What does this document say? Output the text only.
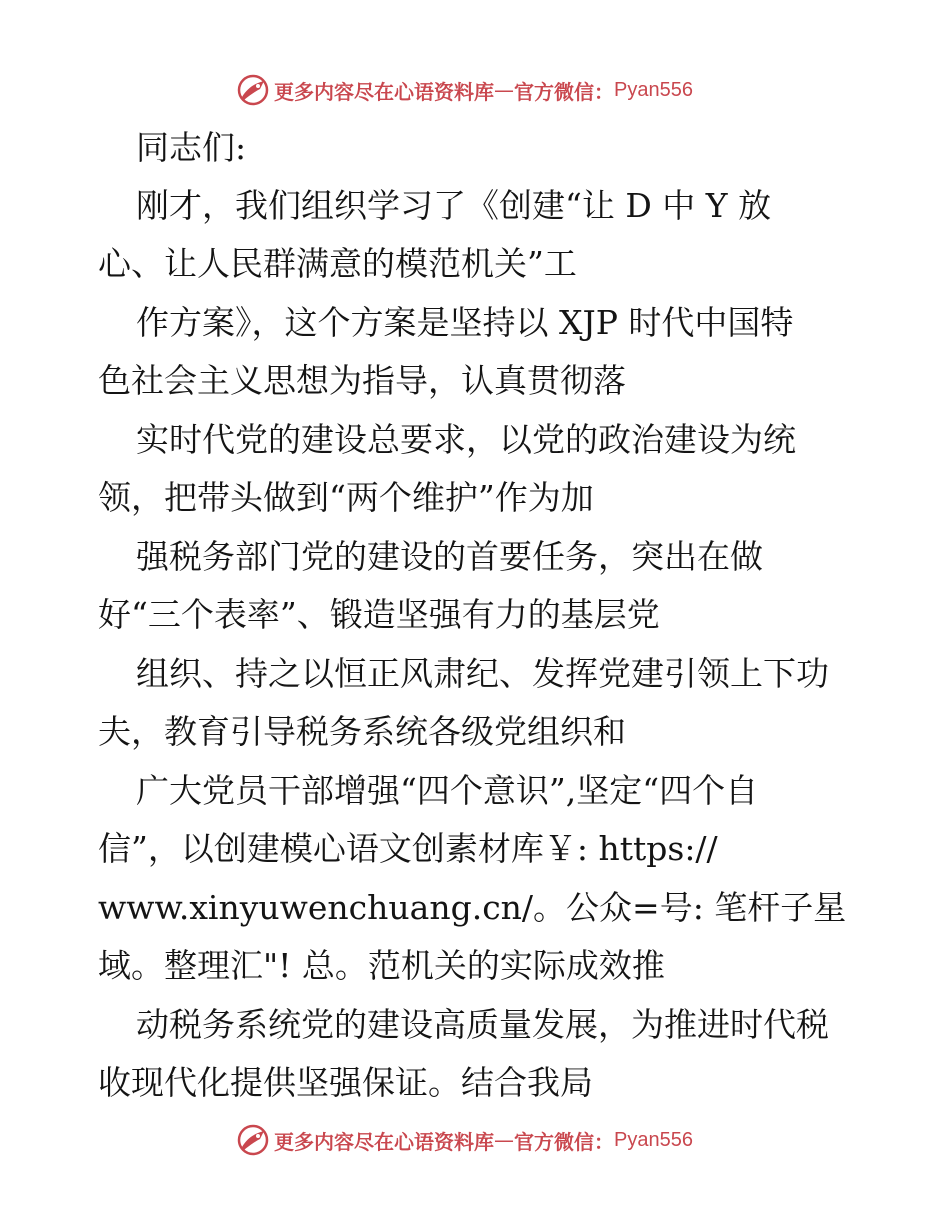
更多内容尽在心语资料库 — 官方微信： Pyan556
同志们:
刚才，我们组织学习了《创建“让 D 中 Y 放
心、让人民群满意的模范机关”工
作方案》，这个方案是坚持以 XJP 时代中国特
色社会主义思想为指导，认真贯彻落
实时代党的建设总要求，以党的政治建设为统
领，把带头做到“两个维护”作为加
强税务部门党的建设的首要任务，突出在做
好“三个表率”、锻造坚强有力的基层党
组织、持之以恒正风肃纪、发挥党建引领上下功
夫，教育引导税务系统各级党组织和
广大党员干部增强“四个意识”,坚定“四个自
信”，以创建模心语文创素材库￥: https://
www.xinyuwenchuang.cn/。公众=号: 笔杆子星
域。整理汇"! 总。范机关的实际成效推
动税务系统党的建设高质量发展，为推进时代税
收现代化提供坚强保证。结合我局
更多内容尽在心语资料库 — 官方微信： Pyan556
